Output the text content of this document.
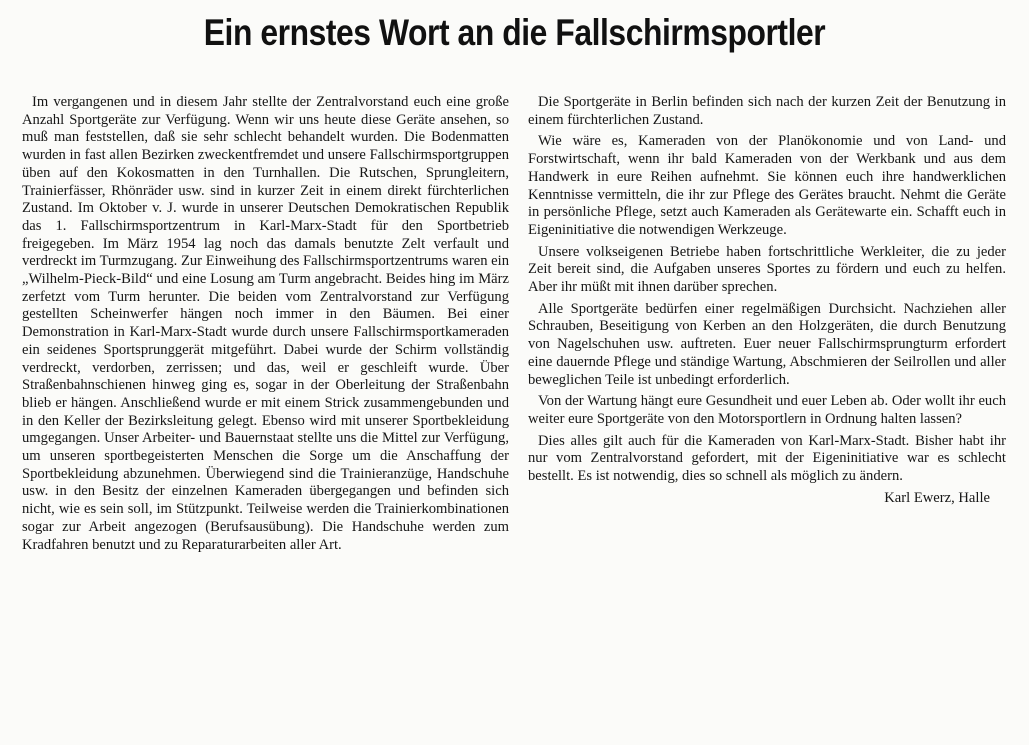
Ein ernstes Wort an die Fallschirmsportler

Im vergangenen und in diesem Jahr stellte der Zentralvorstand euch eine große Anzahl Sportgeräte zur Verfügung. Wenn wir uns heute diese Geräte ansehen, so muß man feststellen, daß sie sehr schlecht behandelt wurden. Die Bodenmatten wurden in fast allen Bezirken zweckentfremdet und unsere Fallschirmsportgruppen üben auf den Kokosmatten in den Turnhallen. Die Rutschen, Sprungleitern, Trainierfässer, Rhönräder usw. sind in kurzer Zeit in einem direkt fürchterlichen Zustand. Im Oktober v. J. wurde in unserer Deutschen Demokratischen Republik das 1. Fallschirmsportzentrum in Karl-Marx-Stadt für den Sportbetrieb freigegeben. Im März 1954 lag noch das damals benutzte Zelt verfault und verdreckt im Turmzugang. Zur Einweihung des Fallschirmsportzentrums waren ein „Wilhelm-Pieck-Bild“ und eine Losung am Turm angebracht. Beides hing im März zerfetzt vom Turm herunter. Die beiden vom Zentralvorstand zur Verfügung gestellten Scheinwerfer hängen noch immer in den Bäumen. Bei einer Demonstration in Karl-Marx-Stadt wurde durch unsere Fallschirmsportkameraden ein seidenes Sportsprunggerät mitgeführt. Dabei wurde der Schirm vollständig verdreckt, verdorben, zerrissen; und das, weil er geschleift wurde. Über Straßenbahnschienen hinweg ging es, sogar in der Oberleitung der Straßenbahn blieb er hängen. Anschließend wurde er mit einem Strick zusammengebunden und in den Keller der Bezirksleitung gelegt. Ebenso wird mit unserer Sportbekleidung umgegangen. Unser Arbeiter- und Bauernstaat stellte uns die Mittel zur Verfügung, um unseren sportbegeisterten Menschen die Sorge um die Anschaffung der Sportbekleidung abzunehmen. Überwiegend sind die Trainieranzüge, Handschuhe usw. in den Besitz der einzelnen Kameraden übergegangen und befinden sich nicht, wie es sein soll, im Stützpunkt. Teilweise werden die Trainierkombinationen sogar zur Arbeit angezogen (Berufsausübung). Die Handschuhe werden zum Kradfahren benutzt und zu Reparaturarbeiten aller Art.

Die Sportgeräte in Berlin befinden sich nach der kurzen Zeit der Benutzung in einem fürchterlichen Zustand.

Wie wäre es, Kameraden von der Planökonomie und von Land- und Forstwirtschaft, wenn ihr bald Kameraden von der Werkbank und aus dem Handwerk in eure Reihen aufnehmt. Sie können euch ihre handwerklichen Kenntnisse vermitteln, die ihr zur Pflege des Gerätes braucht. Nehmt die Geräte in persönliche Pflege, setzt auch Kameraden als Gerätewarte ein. Schafft euch in Eigeninitiative die notwendigen Werkzeuge.

Unsere volkseigenen Betriebe haben fortschrittliche Werkleiter, die zu jeder Zeit bereit sind, die Aufgaben unseres Sportes zu fördern und euch zu helfen. Aber ihr müßt mit ihnen darüber sprechen.

Alle Sportgeräte bedürfen einer regelmäßigen Durchsicht. Nachziehen aller Schrauben, Beseitigung von Kerben an den Holzgeräten, die durch Benutzung von Nagelschuhen usw. auftreten. Euer neuer Fallschirmsprungturm erfordert eine dauernde Pflege und ständige Wartung, Abschmieren der Seilrollen und aller beweglichen Teile ist unbedingt erforderlich.

Von der Wartung hängt eure Gesundheit und euer Leben ab. Oder wollt ihr euch weiter eure Sportgeräte von den Motorsportlern in Ordnung halten lassen?

Dies alles gilt auch für die Kameraden von Karl-Marx-Stadt. Bisher habt ihr nur vom Zentralvorstand gefordert, mit der Eigeninitiative war es schlecht bestellt. Es ist notwendig, dies so schnell als möglich zu ändern.

Karl Ewerz, Halle
